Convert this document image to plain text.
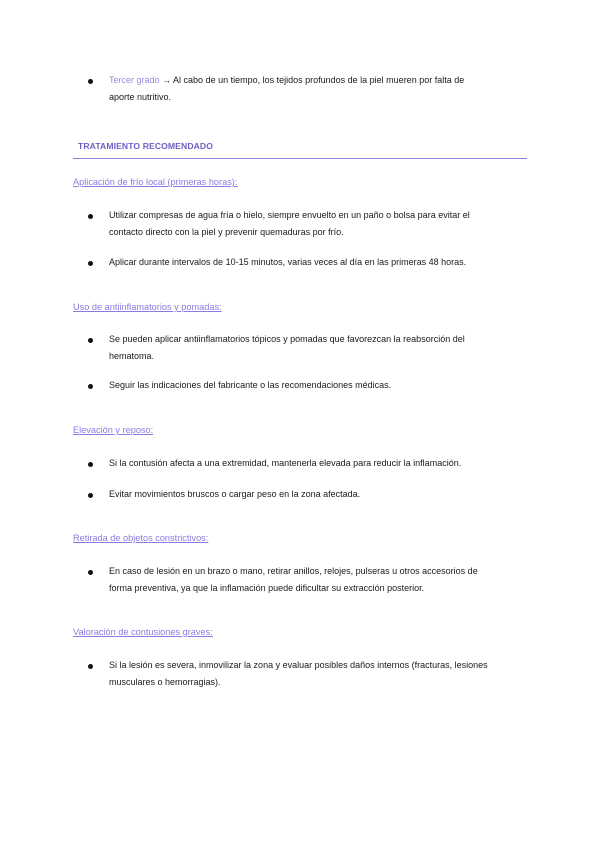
Tercer grado → Al cabo de un tiempo, los tejidos profundos de la piel mueren por falta de
aporte nutritivo.
TRATAMIENTO RECOMENDADO
Aplicación de frío local (primeras horas):
Utilizar compresas de agua fría o hielo, siempre envuelto en un paño o bolsa para evitar el
contacto directo con la piel y prevenir quemaduras por frío.
Aplicar durante intervalos de 10-15 minutos, varias veces al día en las primeras 48 horas.
Uso de antiinflamatorios y pomadas:
Se pueden aplicar antiinflamatorios tópicos y pomadas que favorezcan la reabsorción del
hematoma.
Seguir las indicaciones del fabricante o las recomendaciones médicas.
Elevación y reposo:
Si la contusión afecta a una extremidad, mantenerla elevada para reducir la inflamación.
Evitar movimientos bruscos o cargar peso en la zona afectada.
Retirada de objetos constrictivos:
En caso de lesión en un brazo o mano, retirar anillos, relojes, pulseras u otros accesorios de
forma preventiva, ya que la inflamación puede dificultar su extracción posterior.
Valoración de contusiones graves:
Si la lesión es severa, inmovilizar la zona y evaluar posibles daños internos (fracturas, lesiones
musculares o hemorragias).
